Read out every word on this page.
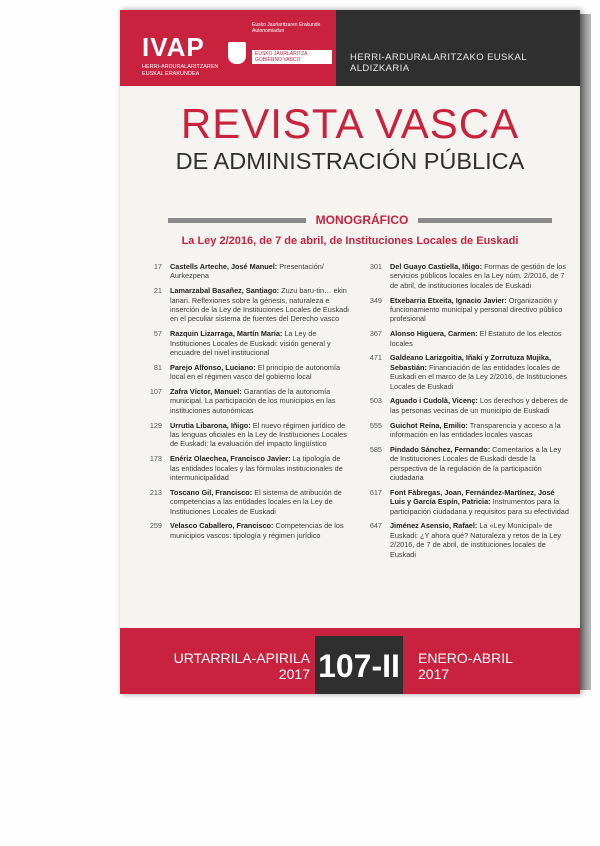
IVAP
HERRI-ARDURALARITZAREN EUSKAL ERAKUNDEA
Eusko Jaurlaritzaren Erakunde Autonomiadun
EUSKO JAURLARITZA GOBIERNO VASCO	HERRI-ARDURALARITZAKO EUSKAL ALDIZKARIA
REVISTA VASCA
DE ADMINISTRACIÓN PÚBLICA
MONOGRÁFICO
La Ley 2/2016, de 7 de abril, de Instituciones Locales de Euskadi
17	Castells Arteche, José Manuel: Presentación/ Aurkezpena
21	Lamarzabal Basañez, Santiago: Zuzu baru-tin… ekin lanari. Reflexiones sobre la génesis, naturaleza e inserción de la Ley de Instituciones Locales de Euskadi en el peculiar sistema de fuentes del Derecho vasco
57	Razquin Lizarraga, Martín María: La Ley de Instituciones Locales de Euskadi: visión general y encuadre del nivel institucional
81	Parejo Alfonso, Luciano: El principio de autonomía local en el régimen vasco del gobierno local
107	Zafra Víctor, Manuel: Garantías de la autonomía municipal. La participación de los municipios en las instituciones autonómicas
129	Urrutia Libarona, Iñigo: El nuevo régimen jurídico de las lenguas oficiales en la Ley de Instituciones Locales de Euskadi: la evaluación del impacto lingüístico
173	Enériz Olaechea, Francisco Javier: La tipología de las entidades locales y las fórmulas institucionales de intermunicipalidad
213	Toscano Gil, Francisco: El sistema de atribución de competencias a las entidades locales en la Ley de Instituciones Locales de Euskadi
259	Velasco Caballero, Francisco: Competencias de los municipios vascos: tipología y régimen jurídico
301	Del Guayo Castiella, Iñigo: Formas de gestión de los servicios públicos locales en la Ley núm. 2/2016, de 7 de abril, de instituciones locales de Euskadi
349	Etxebarria Etxeita, Ignacio Javier: Organización y funcionamiento municipal y personal directivo público profesional
367	Alonso Higuera, Carmen: El Estatuto de los electos locales
471	Galdeano Larizgoitia, Iñaki y Zorrutuza Mujika, Sebastián: Financiación de las entidades locales de Euskadi en el marco de la Ley 2/2016, de Instituciones Locales de Euskadi
503	Aguado i Cudolà, Vicenç: Los derechos y deberes de las personas vecinas de un municipio de Euskadi
555	Guichot Reina, Emilio: Transparencia y acceso a la información en las entidades locales vascas
585	Pindado Sánchez, Fernando: Comentarios a la Ley de Instituciones Locales de Euskadi desde la perspectiva de la regulación de la participación ciudadana
617	Font Fàbregas, Joan, Fernández-Martínez, José Luis y García Espín, Patricia: Instrumentos para la participación ciudadana y requisitos para su efectividad
647	Jiménez Asensio, Rafael: La «Ley Municipal» de Euskadi: ¿Y ahora qué? Naturaleza y retos de la Ley 2/2016, de 7 de abril, de instituciones locales de Euskadi
URTARRILA-APIRILA
2017 107-II ENERO-ABRIL
2017
